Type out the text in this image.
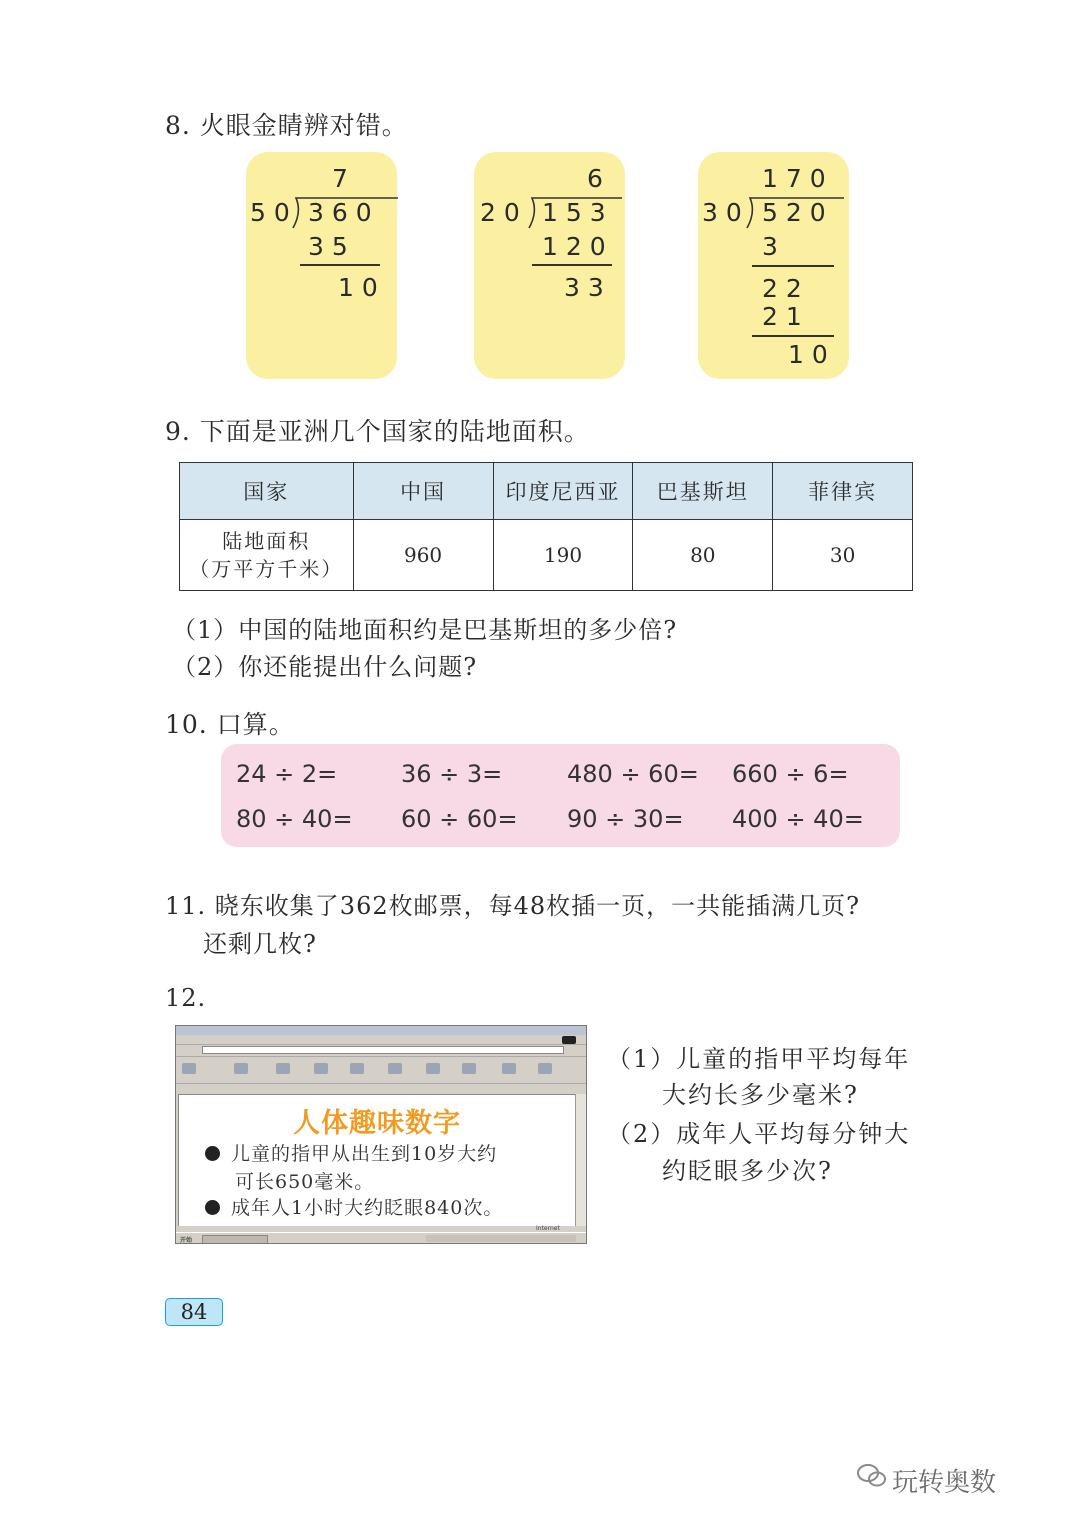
8. 火眼金睛辨对错。
7
50 360
35
10
6
20 153
120
33
170
30 520
3
22
21
10
9. 下面是亚洲几个国家的陆地面积。
国家	中国	印度尼西亚	巴基斯坦	菲律宾

陆地面积
（万平方千米）	960	190	80	30
（1）中国的陆地面积约是巴基斯坦的多少倍?
（2）你还能提出什么问题?
10. 口算。
24 ÷ 2=	36 ÷ 3=	480 ÷ 60= 660 ÷ 6=
80 ÷ 40= 60 ÷ 60= 90 ÷ 30= 400 ÷ 40=
11. 晓东收集了362枚邮票，每48枚插一页，一共能插满几页?
还剩几枚?
12.
人体趣味数字
儿童的指甲从出生到10岁大约
可长650毫米。
成年人1小时大约眨眼840次。
Internet
开始
（1）儿童的指甲平均每年
大约长多少毫米?
（2）成年人平均每分钟大
约眨眼多少次?
84
玩转奥数
